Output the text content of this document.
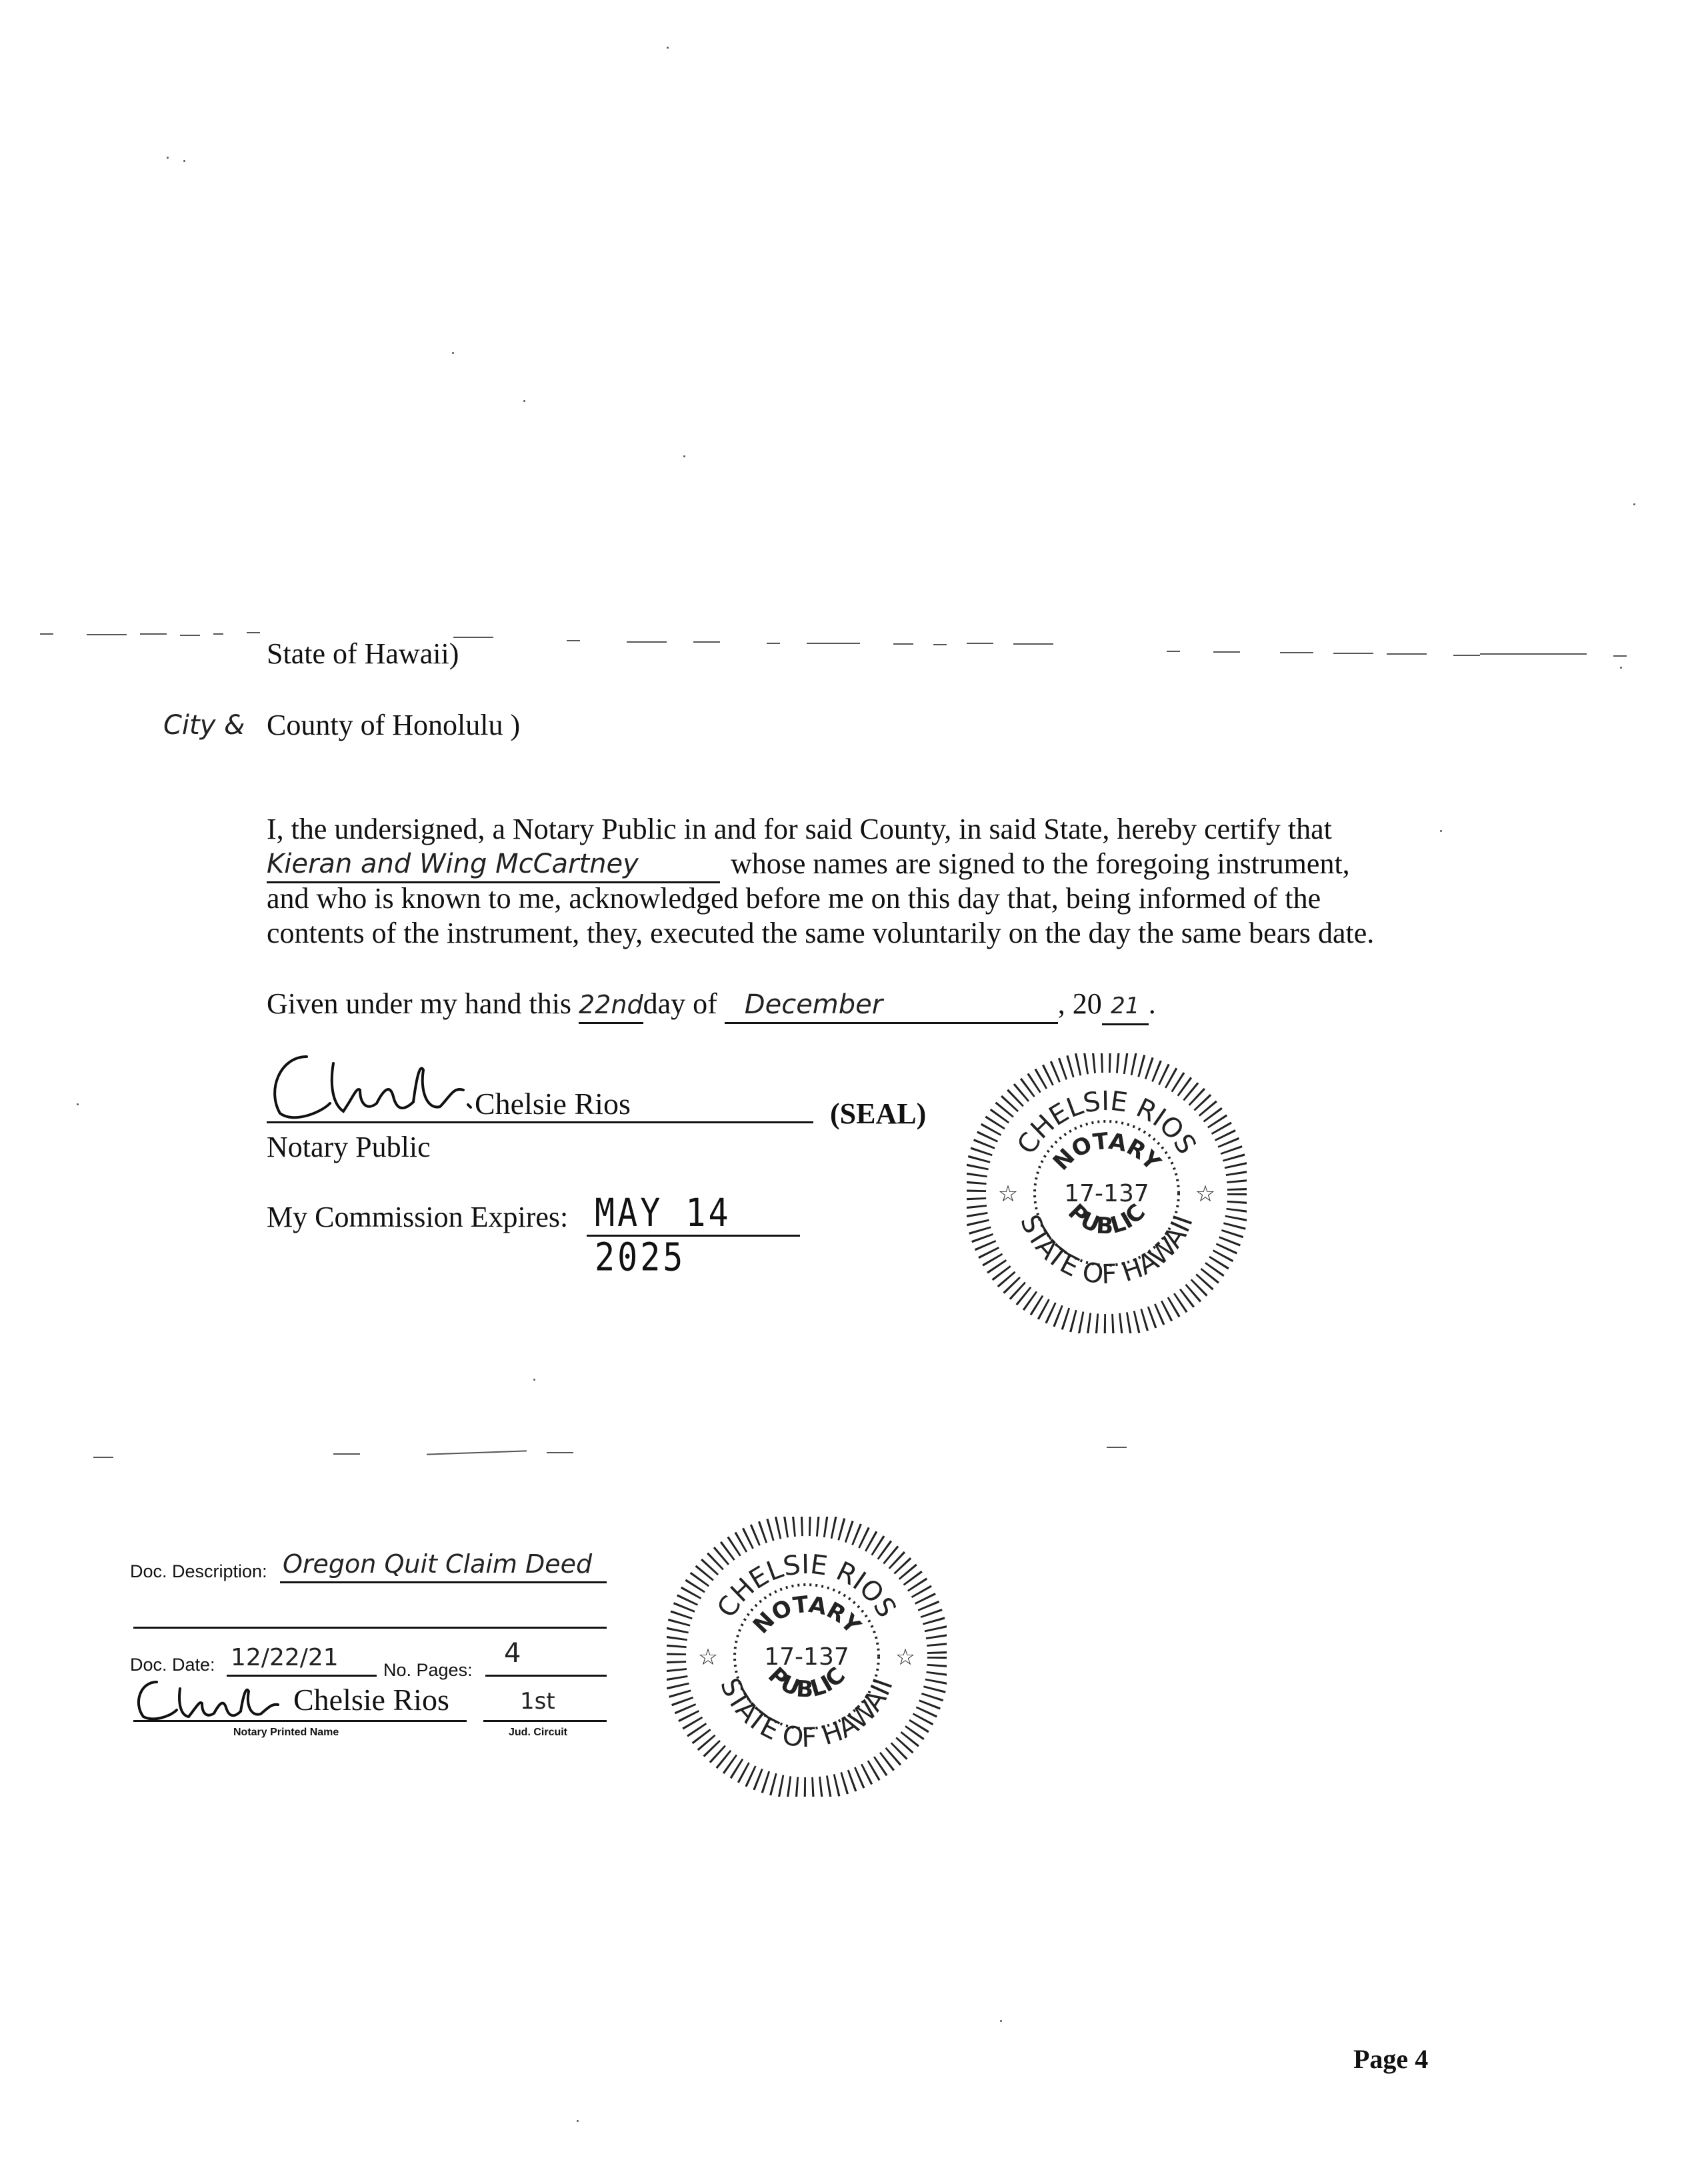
State of Hawaii)
City & County of Honolulu )
I, the undersigned, a Notary Public in and for said County, in said State, hereby certify that
Kieran and Wing McCartney	whose names are signed to the foregoing instrument,
and who is known to me, acknowledged before me on this day that, being informed of the
contents of the instrument, they, executed the same voluntarily on the day the same bears date.
Given under my hand this 22ndday of December	, 20 21 .
Chelsie Rios	(SEAL)
Notary Public
My Commission Expires: MAY 14 2025
CHELSIE RIOS
STATE OF HAWAII
NOTARY
PUBLIC
17-137
☆	☆
Doc. Description: Oregon Quit Claim Deed
Doc. Date: 12/22/21 No. Pages:
4
Chelsie Rios	1st
Notary Printed Name	Jud. Circuit
CHELSIE RIOS
STATE OF HAWAII
NOTARY
PUBLIC
17-137
☆	☆
Page 4
